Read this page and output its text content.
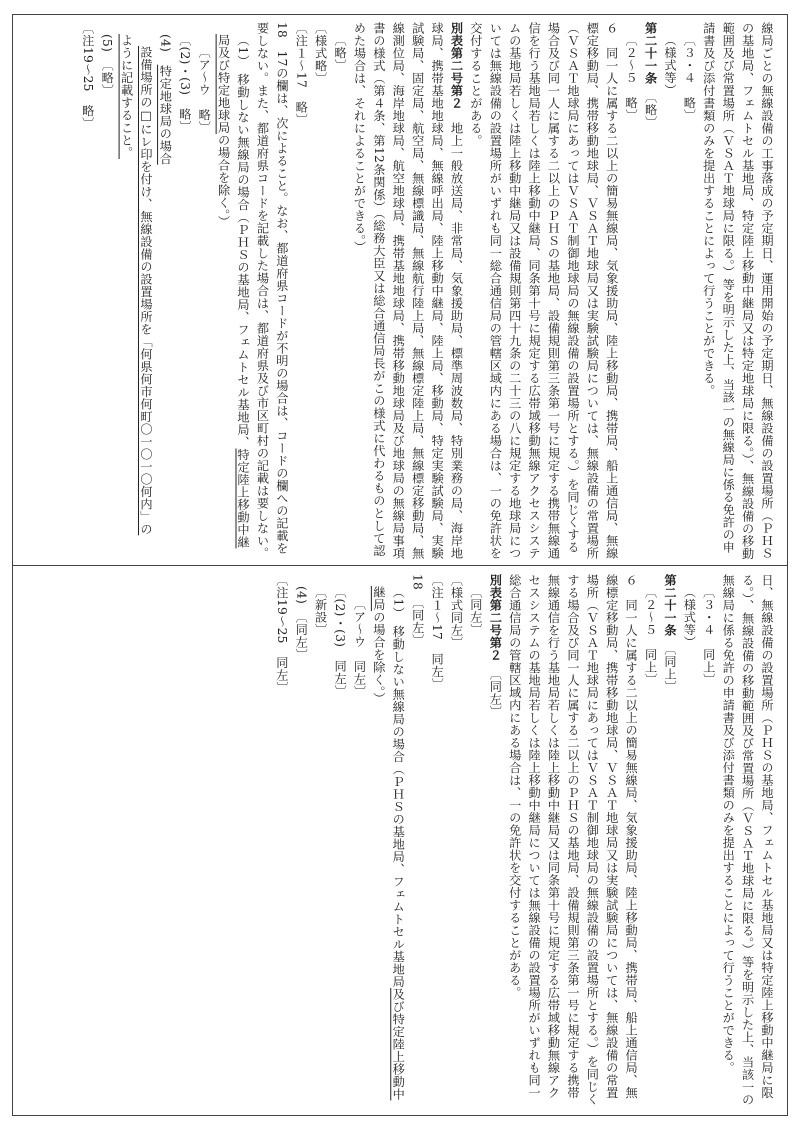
線局ごとの無線設備の工事落成の予定期日、運用開始の予定期日、無線設備の設置場所（ＰＨＳの基地局、フェムトセル基地局、特定陸上移動中継局又は特定地球局に限る。）、無線設備の移動範囲及び常置場所（ＶＳＡＴ地球局に限る。）等を明示した上、当該一の無線局に係る免許の申請書及び添付書類のみを提出することによって行うことができる。

〔３・４　略〕

（様式等）

第二十一条　〔略〕

〔２〜５　略〕

６　同一人に属する二以上の簡易無線局、気象援助局、陸上移動局、携帯局、船上通信局、無線標定移動局、携帯移動地球局、ＶＳＡＴ地球局又は実験試験局については、無線設備の常置場所（ＶＳＡＴ地球局にあってはＶＳＡＴ制御地球局の無線設備の設置場所とする。）を同じくする場合及び同一人に属する二以上のＰＨＳの基地局、設備規則第三条第一号に規定する携帯無線通信を行う基地局若しくは陸上移動中継局、同条第十号に規定する広帯域移動無線アクセスシステムの基地局若しくは陸上移動中継局又は設備規則第四十九条の二十三の八に規定する地球局については無線設備の設置場所がいずれも同一総合通信局の管轄区域内にある場合は、一の免許状を交付することがある。

別表第二号第２　地上一般放送局、非常局、気象援助局、標準周波数局、特別業務の局、海岸地球局、携帯基地地球局、無線呼出局、陸上移動中継局、陸上局、移動局、特定実験試験局、実験試験局、固定局、航空局、無線標識局、無線航行陸上局、無線標定陸上局、無線標定移動局、無線測位局、海岸地球局、航空地球局、携帯基地地球局、携帯移動地球局及び地球局の無線局事項書の様式（第４条、第12条関係）（総務大臣又は総合通信局長がこの様式に代わるものとして認めた場合は、それによることができる。）

〔略〕

〔様式略〕

〔注１〜17　略〕

18　17の欄は、次によること。なお、都道府県コードが不明の場合は、コードの欄への記載を要しない。また、都道府県コードを記載した場合は、都道府県及び市区町村の記載は要しない。

（1）　移動しない無線局の場合（ＰＨＳの基地局、フェムトセル基地局、特定陸上移動中継局及び特定地球局の場合を除く。）

〔ア〜ウ　略〕

〔(2)・(3)　略〕

(4)　特定地球局の場合

設備場所の□にレ印を付け、無線設備の設置場所を「何県何市何町〇一〇一〇何内」の

ように記載すること。

(5)　〔略〕

〔注19〜25　略〕

日、無線設備の設置場所（ＰＨＳの基地局、フェムトセル基地局又は特定陸上移動中継局に限る。）、無線設備の移動範囲及び常置場所（ＶＳＡＴ地球局に限る。）等を明示した上、当該一の無線局に係る免許の申請書及び添付書類のみを提出することによって行うことができる。

〔３・４　同上〕

（様式等）

第二十一条　〔同上〕

〔２〜５　同上〕

６　同一人に属する二以上の簡易無線局、気象援助局、陸上移動局、携帯局、船上通信局、無線標定移動局、携帯移動地球局、ＶＳＡＴ地球局又は実験試験局については、無線設備の常置場所（ＶＳＡＴ地球局にあってはＶＳＡＴ制御地球局の無線設備の設置場所とする。）を同じくする場合及び同一人に属する二以上のＰＨＳの基地局、設備規則第三条第一号に規定する携帯無線通信を行う基地局若しくは陸上移動中継局又は同条第十号に規定する広帯域移動無線アクセスシステムの基地局若しくは陸上移動中継局については無線設備の設置場所がいずれも同一総合通信局の管轄区域内にある場合は、一の免許状を交付することがある。

別表第二号第２　〔同左〕

〔同左〕

〔様式同左〕

〔注１〜17　同左〕

18　〔同左〕

（1）　移動しない無線局の場合（ＰＨＳの基地局、フェムトセル基地局及び特定陸上移動中継局の場合を除く。）

〔ア〜ウ　同左〕

〔(2)・(3)　同左〕

〔新設〕

(4)　〔同左〕

〔注19〜25　同左〕
